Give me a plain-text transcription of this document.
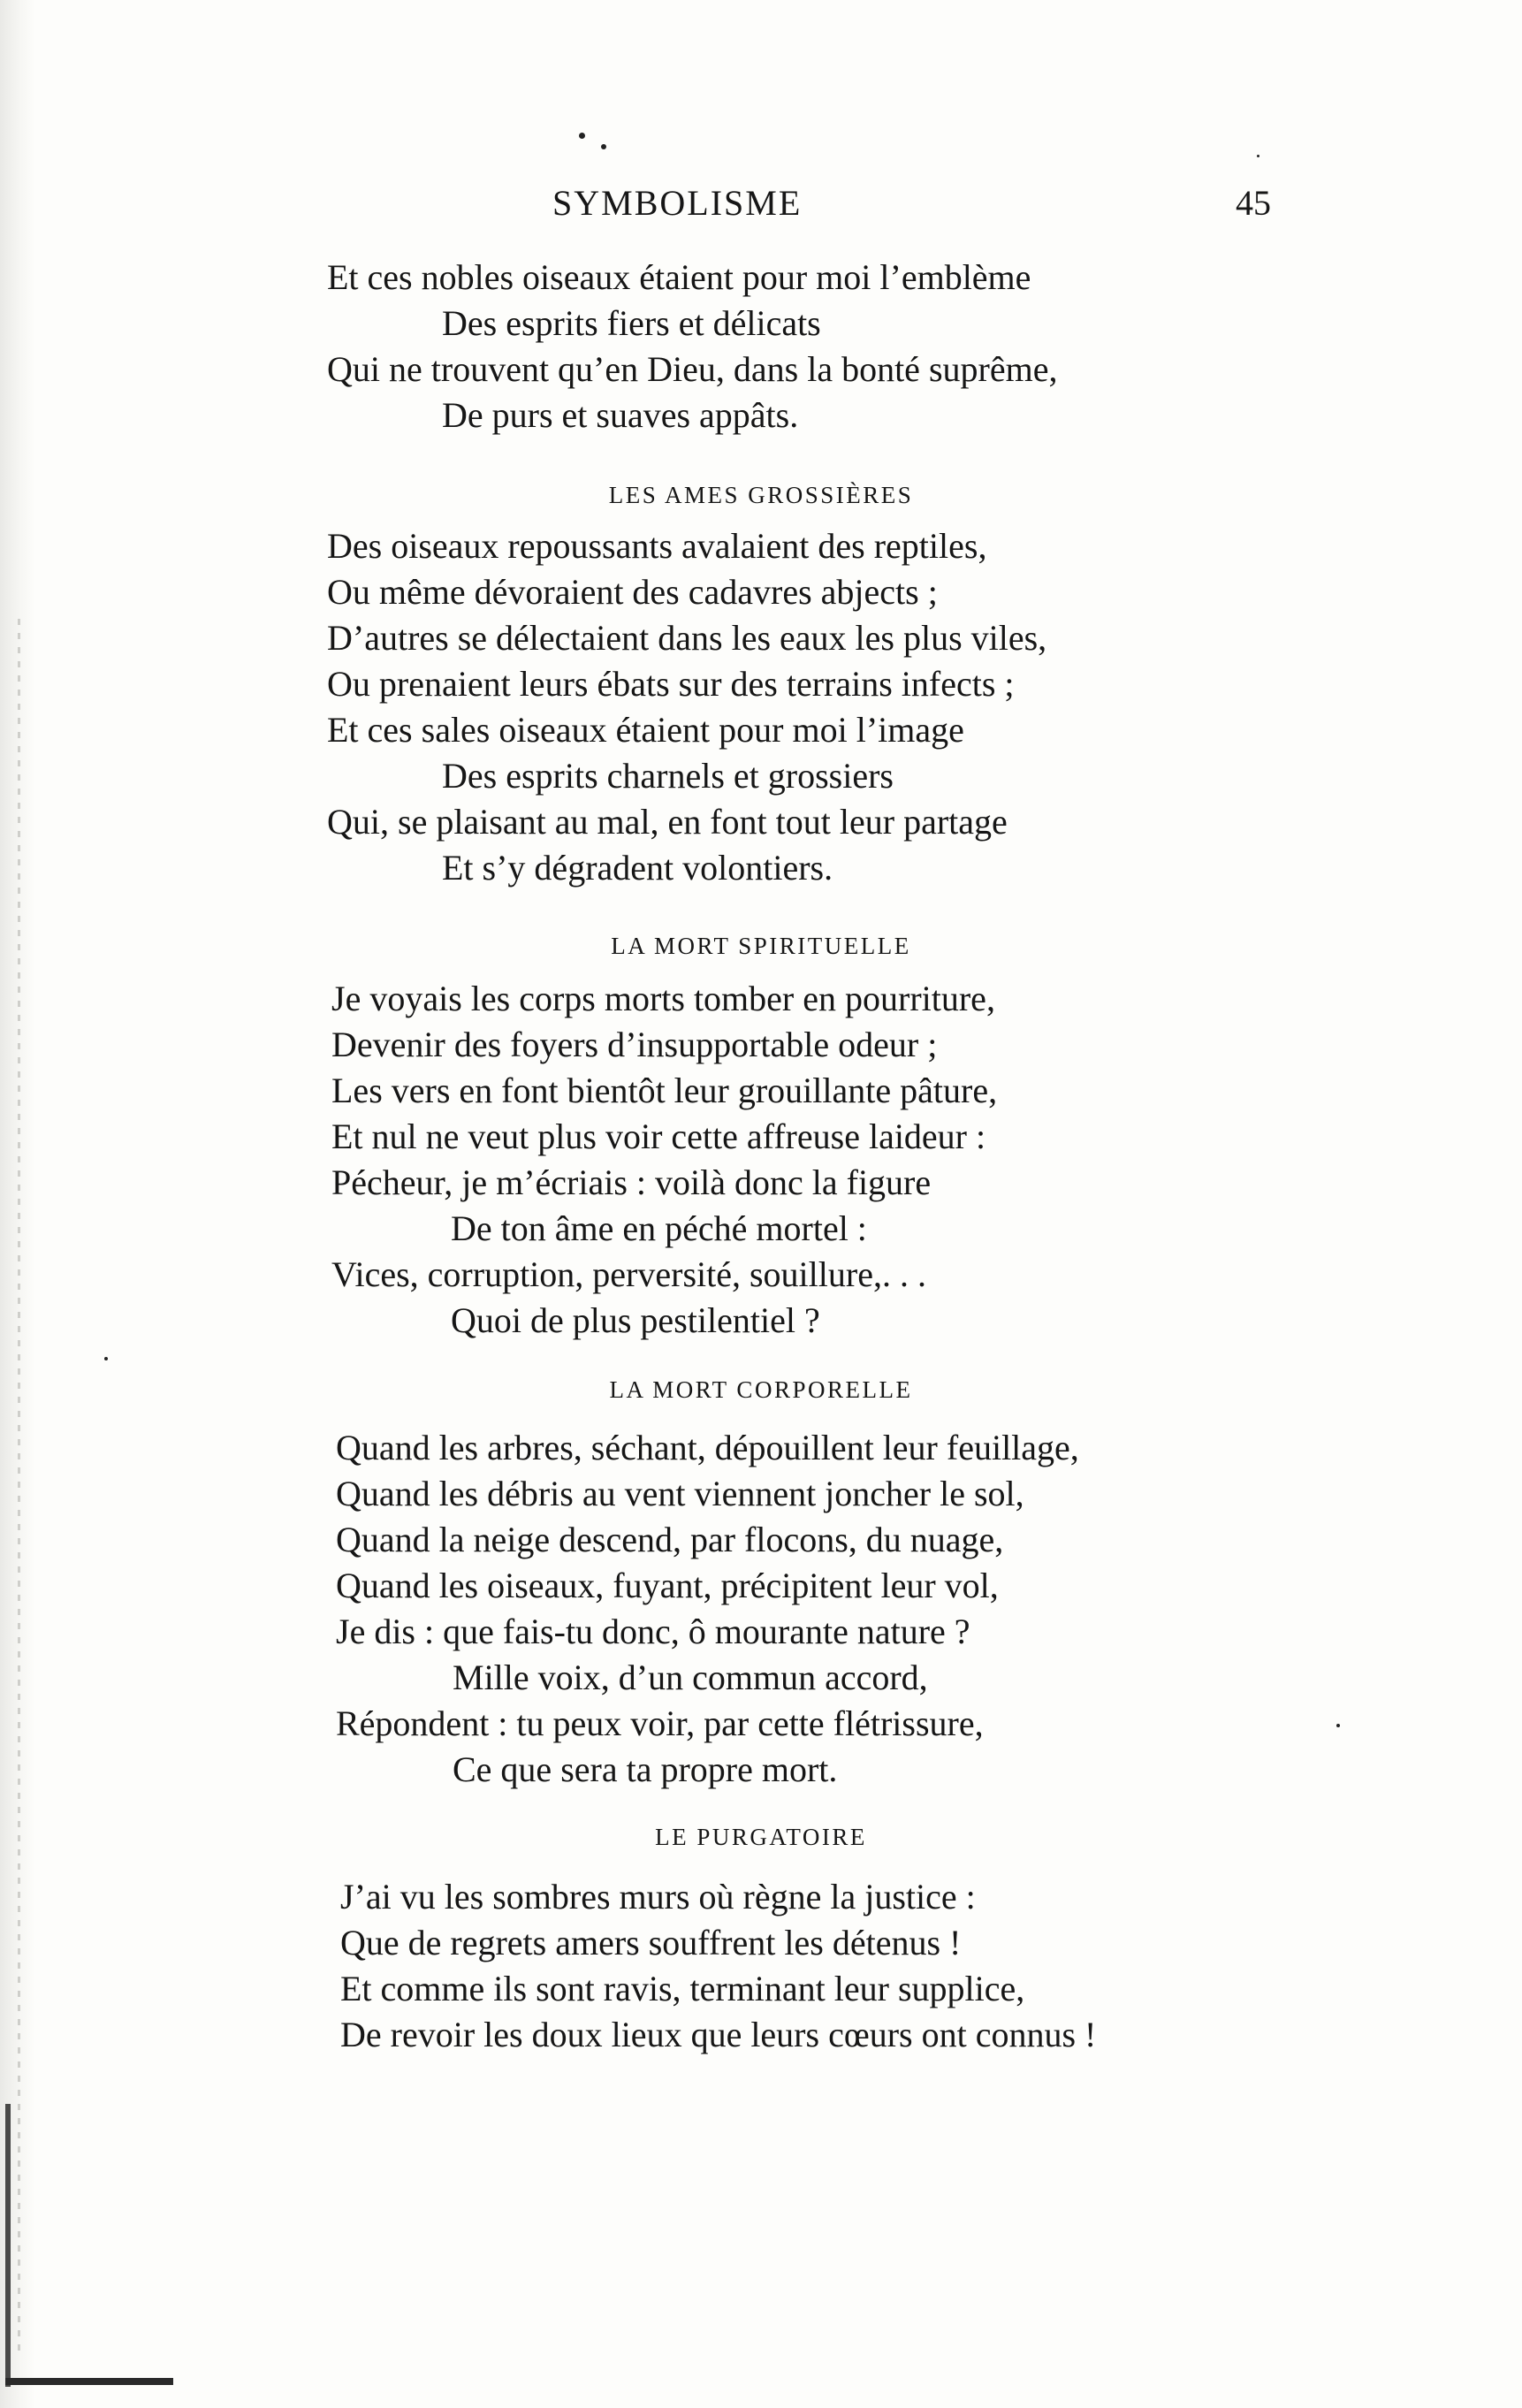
SYMBOLISME	45
Et ces nobles oiseaux étaient pour moi l’emblème
Des esprits fiers et délicats
Qui ne trouvent qu’en Dieu, dans la bonté suprême,
De purs et suaves appâts.
LES AMES GROSSIÈRES
Des oiseaux repoussants avalaient des reptiles,
Ou même dévoraient des cadavres abjects ;
D’autres se délectaient dans les eaux les plus viles,
Ou prenaient leurs ébats sur des terrains infects ;
Et ces sales oiseaux étaient pour moi l’image
Des esprits charnels et grossiers
Qui, se plaisant au mal, en font tout leur partage
Et s’y dégradent volontiers.
LA MORT SPIRITUELLE
Je voyais les corps morts tomber en pourriture,
Devenir des foyers d’insupportable odeur ;
Les vers en font bientôt leur grouillante pâture,
Et nul ne veut plus voir cette affreuse laideur :
Pécheur, je m’écriais : voilà donc la figure
De ton âme en péché mortel :
Vices, corruption, perversité, souillure,. . .
Quoi de plus pestilentiel ?
LA MORT CORPORELLE
Quand les arbres, séchant, dépouillent leur feuillage,
Quand les débris au vent viennent joncher le sol,
Quand la neige descend, par flocons, du nuage,
Quand les oiseaux, fuyant, précipitent leur vol,
Je dis : que fais-tu donc, ô mourante nature ?
Mille voix, d’un commun accord,
Répondent : tu peux voir, par cette flétrissure,
Ce que sera ta propre mort.
LE PURGATOIRE
J’ai vu les sombres murs où règne la justice :
Que de regrets amers souffrent les détenus !
Et comme ils sont ravis, terminant leur supplice,
De revoir les doux lieux que leurs cœurs ont connus !
